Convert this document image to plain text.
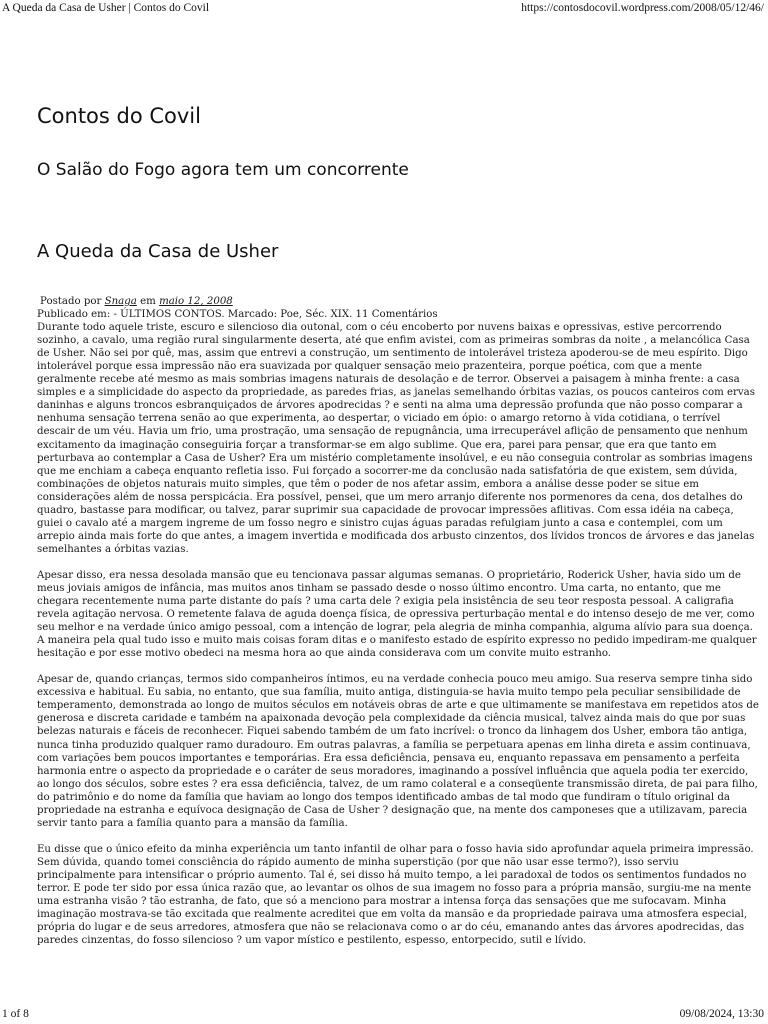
A Queda da Casa de Usher | Contos do Covil	https://contosdocovil.wordpress.com/2008/05/12/46/
Contos do Covil
O Salão do Fogo agora tem um concorrente
A Queda da Casa de Usher
Postado por Snaga em maio 12, 2008
Publicado em: - ÚLTIMOS CONTOS. Marcado: Poe, Séc. XIX. 11 Comentários

Durante todo aquele triste, escuro e silencioso dia outonal, com o céu encoberto por nuvens baixas e opressivas, estive percorrendo sozinho, a cavalo, uma região rural singularmente deserta, até que enfim avistei, com as primeiras sombras da noite , a melancólica Casa de Usher. Não sei por quê, mas, assim que entrevi a construção, um sentimento de intolerável tristeza apoderou-se de meu espírito. Digo intolerável porque essa impressão não era suavizada por qualquer sensação meio prazenteira, porque poética, com que a mente geralmente recebe até mesmo as mais sombrias imagens naturais de desolação e de terror. Observei a paisagem à minha frente: a casa simples e a simplicidade do aspecto da propriedade, as paredes frias, as janelas semelhando órbitas vazias, os poucos canteiros com ervas daninhas e alguns troncos esbranquiçados de árvores apodrecidas ? e senti na alma uma depressão profunda que não posso comparar a nenhuma sensação terrena senão ao que experimenta, ao despertar, o viciado em ópio: o amargo retorno à vida cotidiana, o terrível descair de um véu. Havia um frio, uma prostração, uma sensação de repugnância, uma irrecuperável aflição de pensamento que nenhum excitamento da imaginação conseguiria forçar a transformar-se em algo sublime. Que era, parei para pensar, que era que tanto em perturbava ao contemplar a Casa de Usher? Era um mistério completamente insolúvel, e eu não conseguia controlar as sombrias imagens que me enchiam a cabeça enquanto refletia isso. Fui forçado a socorrer-me da conclusão nada satisfatória de que existem, sem dúvida, combinações de objetos naturais muito simples, que têm o poder de nos afetar assim, embora a análise desse poder se situe em considerações além de nossa perspicácia. Era possível, pensei, que um mero arranjo diferente nos pormenores da cena, dos detalhes do quadro, bastasse para modificar, ou talvez, parar suprimir sua capacidade de provocar impressões aflitivas. Com essa idéia na cabeça, guiei o cavalo até a margem ingreme de um fosso negro e sinistro cujas águas paradas refulgiam junto a casa e contemplei, com um arrepio ainda mais forte do que antes, a imagem invertida e modificada dos arbusto cinzentos, dos lívidos troncos de árvores e das janelas semelhantes a órbitas vazias.

Apesar disso, era nessa desolada mansão que eu tencionava passar algumas semanas. O proprietário, Roderick Usher, havia sido um de meus joviais amigos de infância, mas muitos anos tinham se passado desde o nosso último encontro. Uma carta, no entanto, que me chegara recentemente numa parte distante do país ? uma carta dele ? exigia pela insistência de seu teor resposta pessoal. A caligrafia revela agitação nervosa. O remetente falava de aguda doença física, de opressiva perturbação mental e do intenso desejo de me ver, como seu melhor e na verdade único amigo pessoal, com a intenção de lograr, pela alegria de minha companhia, alguma alívio para sua doença. A maneira pela qual tudo isso e muito mais coisas foram ditas e o manifesto estado de espírito expresso no pedido impediram-me qualquer hesitação e por esse motivo obedeci na mesma hora ao que ainda considerava com um convite muito estranho.

Apesar de, quando crianças, termos sido companheiros íntimos, eu na verdade conhecia pouco meu amigo. Sua reserva sempre tinha sido excessiva e habitual. Eu sabia, no entanto, que sua família, muito antiga, distinguia-se havia muito tempo pela peculiar sensibilidade de temperamento, demonstrada ao longo de muitos séculos em notáveis obras de arte e que ultimamente se manifestava em repetidos atos de generosa e discreta caridade e também na apaixonada devoção pela complexidade da ciência musical, talvez ainda mais do que por suas belezas naturais e fáceis de reconhecer. Fiquei sabendo também de um fato incrível: o tronco da linhagem dos Usher, embora tão antiga, nunca tinha produzido qualquer ramo duradouro. Em outras palavras, a família se perpetuara apenas em linha direta e assim continuava, com variações bem poucos importantes e temporárias. Era essa deficiência, pensava eu, enquanto repassava em pensamento a perfeita harmonia entre o aspecto da propriedade e o caráter de seus moradores, imaginando a possível influência que aquela podia ter exercido, ao longo dos séculos, sobre estes ? era essa deficiência, talvez, de um ramo colateral e a conseqüente transmissão direta, de pai para filho, do patrimônio e do nome da família que haviam ao longo dos tempos identificado ambas de tal modo que fundiram o título original da propriedade na estranha e equívoca designação de Casa de Usher ? designação que, na mente dos camponeses que a utilizavam, parecia servir tanto para a família quanto para a mansão da família.

Eu disse que o único efeito da minha experiência um tanto infantil de olhar para o fosso havia sido aprofundar aquela primeira impressão. Sem dúvida, quando tomei consciência do rápido aumento de minha superstição (por que não usar esse termo?), isso serviu principalmente para intensificar o próprio aumento. Tal é, sei disso há muito tempo, a lei paradoxal de todos os sentimentos fundados no terror. E pode ter sido por essa única razão que, ao levantar os olhos de sua imagem no fosso para a própria mansão, surgiu-me na mente uma estranha visão ? tão estranha, de fato, que só a menciono para mostrar a intensa força das sensações que me sufocavam. Minha imaginação mostrava-se tão excitada que realmente acreditei que em volta da mansão e da propriedade pairava uma atmosfera especial, própria do lugar e de seus arredores, atmosfera que não se relacionava como o ar do céu, emanando antes das árvores apodrecidas, das paredes cinzentas, do fosso silencioso ? um vapor místico e pestilento, espesso, entorpecido, sutil e lívido.

1 of 8	09/08/2024, 13:30
